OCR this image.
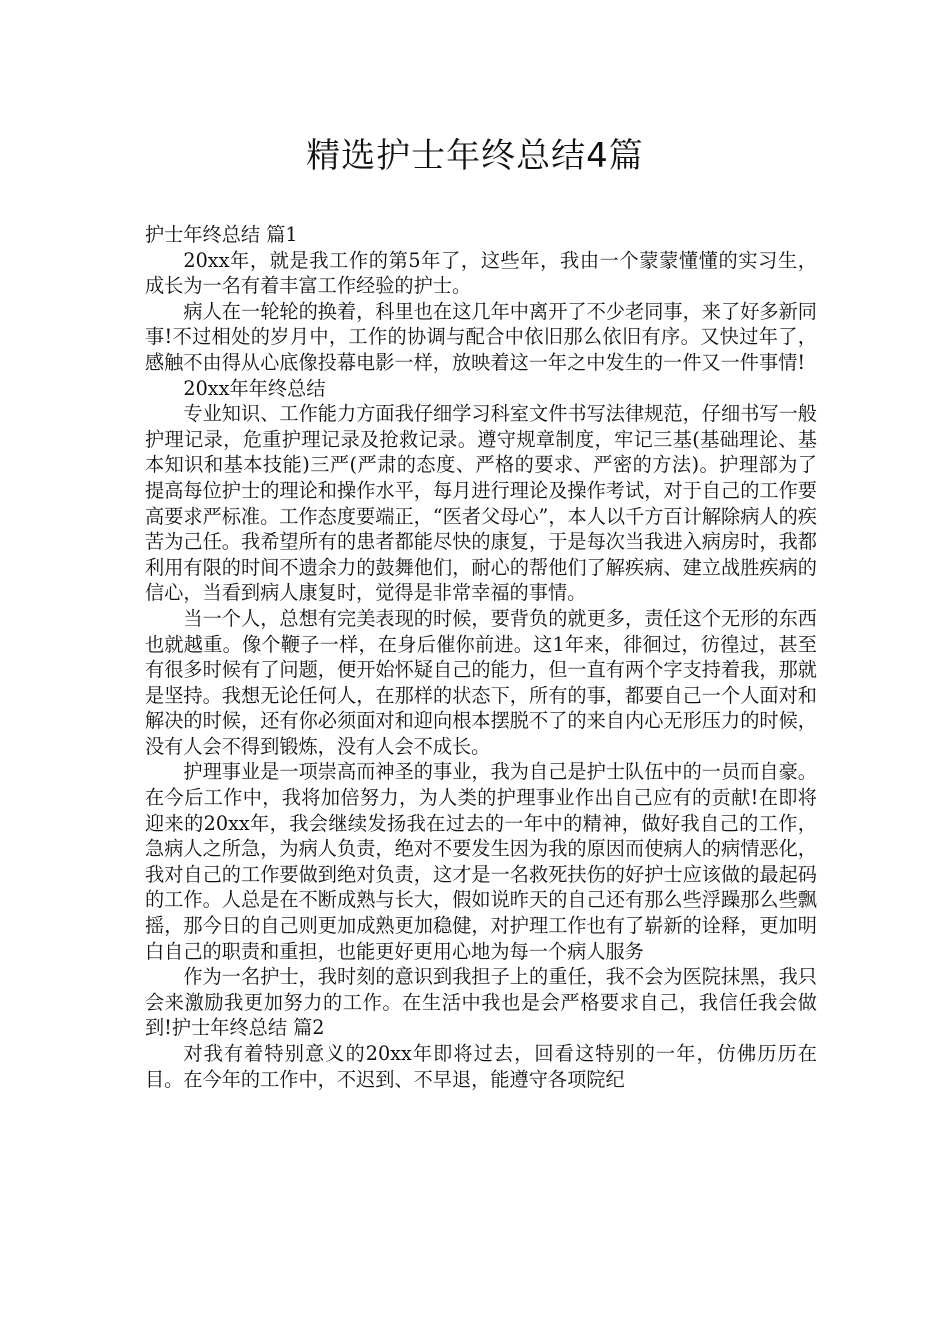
精选护士年终总结4篇

护士年终总结 篇1

20xx年，就是我工作的第5年了，这些年，我由一个蒙蒙懂懂的实习生，成长为一名有着丰富工作经验的护士。

病人在一轮轮的换着，科里也在这几年中离开了不少老同事，来了好多新同事!不过相处的岁月中，工作的协调与配合中依旧那么依旧有序。又快过年了，感触不由得从心底像投幕电影一样，放映着这一年之中发生的一件又一件事情!

20xx年年终总结

专业知识、工作能力方面我仔细学习科室文件书写法律规范，仔细书写一般护理记录，危重护理记录及抢救记录。遵守规章制度，牢记三基(基础理论、基本知识和基本技能)三严(严肃的态度、严格的要求、严密的方法)。护理部为了提高每位护士的理论和操作水平，每月进行理论及操作考试，对于自己的工作要高要求严标准。工作态度要端正，“医者父母心”，本人以千方百计解除病人的疾苦为己任。我希望所有的患者都能尽快的康复，于是每次当我进入病房时，我都利用有限的时间不遗余力的鼓舞他们，耐心的帮他们了解疾病、建立战胜疾病的信心，当看到病人康复时，觉得是非常幸福的事情。

当一个人，总想有完美表现的时候，要背负的就更多，责任这个无形的东西也就越重。像个鞭子一样，在身后催你前进。这1年来，徘徊过，彷徨过，甚至有很多时候有了问题，便开始怀疑自己的能力，但一直有两个字支持着我，那就是坚持。我想无论任何人，在那样的状态下，所有的事，都要自己一个人面对和解决的时候，还有你必须面对和迎向根本摆脱不了的来自内心无形压力的时候，没有人会不得到锻炼，没有人会不成长。

护理事业是一项崇高而神圣的事业，我为自己是护士队伍中的一员而自豪。在今后工作中，我将加倍努力，为人类的护理事业作出自己应有的贡献!在即将迎来的20xx年，我会继续发扬我在过去的一年中的精神，做好我自己的工作，急病人之所急，为病人负责，绝对不要发生因为我的原因而使病人的病情恶化，我对自己的工作要做到绝对负责，这才是一名救死扶伤的好护士应该做的最起码的工作。人总是在不断成熟与长大，假如说昨天的自己还有那么些浮躁那么些飘摇，那今日的自己则更加成熟更加稳健，对护理工作也有了崭新的诠释，更加明白自己的职责和重担，也能更好更用心地为每一个病人服务

作为一名护士，我时刻的意识到我担子上的重任，我不会为医院抹黑，我只会来激励我更加努力的工作。在生活中我也是会严格要求自己，我信任我会做到!护士年终总结 篇2

对我有着特别意义的20xx年即将过去，回看这特别的一年，仿佛历历在目。在今年的工作中，不迟到、不早退，能遵守各项院纪
